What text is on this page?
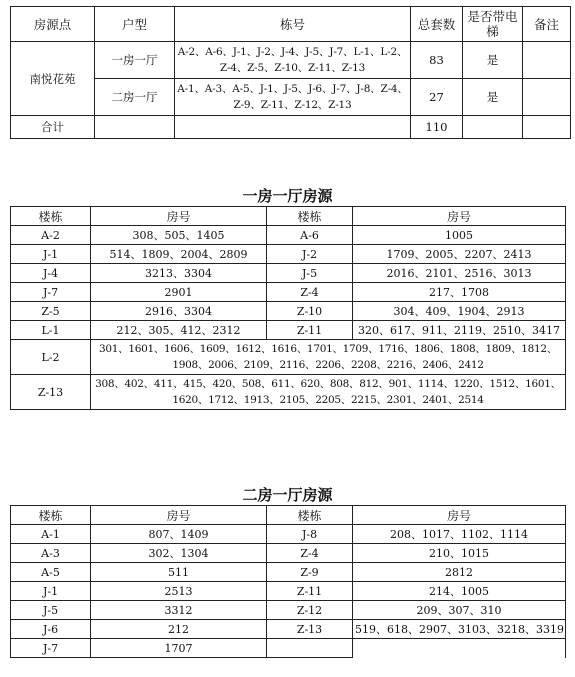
房源点	户型	栋号	总套数	是否带电梯	备注
南悦花苑	一房一厅	A-2、A-6、J-1、J-2、J-4、J-5、J-7、L-1、L-2、Z-4、Z-5、Z-10、Z-11、Z-13	83	是	
	二房一厅	A-1、A-3、A-5、J-1、J-5、J-6、J-7、J-8、Z-4、Z-9、Z-11、Z-12、Z-13	27	是	
合计			110		
一房一厅房源
楼栋	房号	楼栋	房号
A-2	308、505、1405	A-6	1005
J-1	514、1809、2004、2809	J-2	1709、2005、2207、2413
J-4	3213、3304	J-5	2016、2101、2516、3013
J-7	2901	Z-4	217、1708
Z-5	2916、3304	Z-10	304、409、1904、2913
L-1	212、305、412、2312	Z-11	320、617、911、2119、2510、3417
L-2	301、1601、1606、1609、1612、1616、1701、1709、1716、1806、1808、1809、1812、1908、2006、2109、2116、2206、2208、2216、2406、2412		
Z-13	308、402、411、415、420、508、611、620、808、812、901、1114、1220、1512、1601、1620、1712、1913、2105、2205、2215、2301、2401、2514		
二房一厅房源
楼栋	房号	楼栋	房号
A-1	807、1409	J-8	208、1017、1102、1114
A-3	302、1304	Z-4	210、1015
A-5	511	Z-9	2812
J-1	2513	Z-11	214、1005
J-5	3312	Z-12	209、307、310
J-6	212	Z-13	519、618、2907、3103、3218、3319
J-7	1707		
